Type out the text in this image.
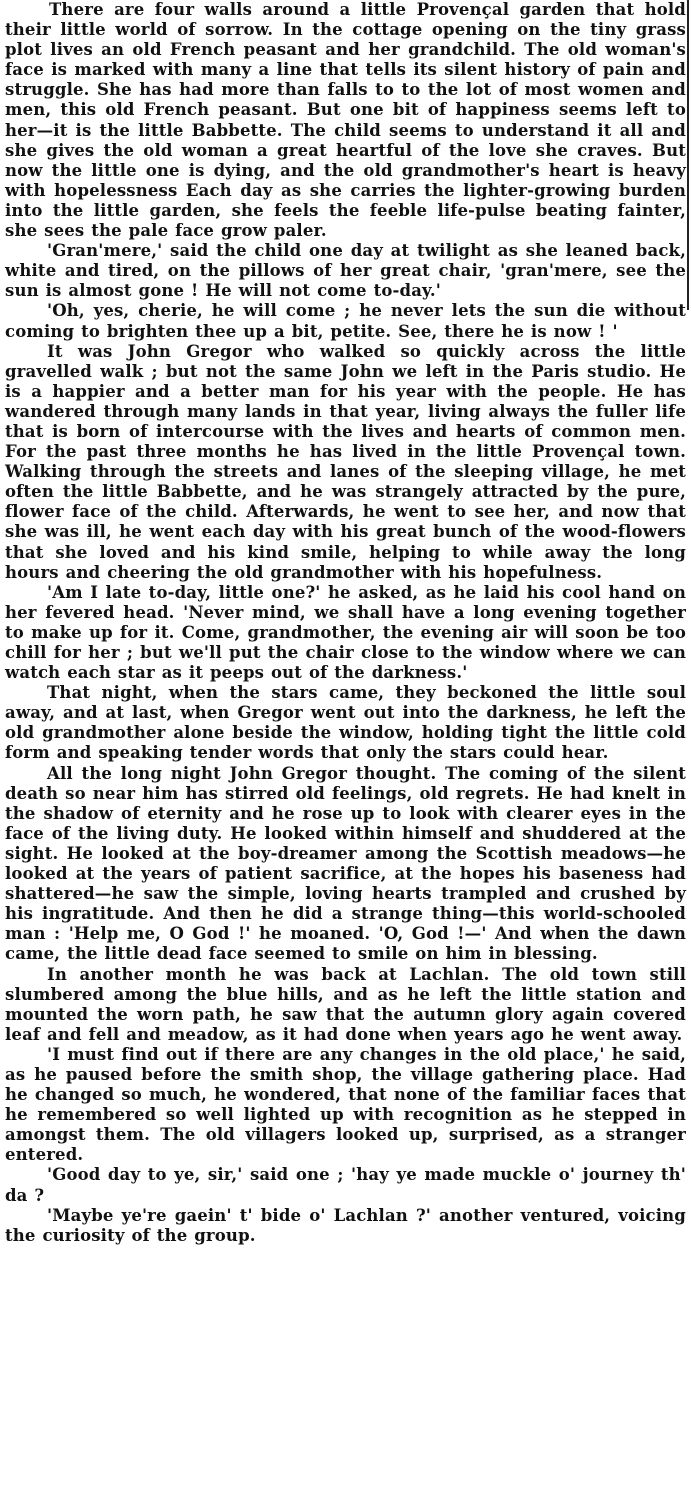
There are four walls around a little Provençal garden that hold their little world of sorrow. In the cottage opening on the tiny grass plot lives an old French peasant and her grandchild. The old woman's face is marked with many a line that tells its silent history of pain and struggle. She has had more than falls to to the lot of most women and men, this old French peasant. But one bit of happiness seems left to her—it is the little Babbette. The child seems to understand it all and she gives the old woman a great heartful of the love she craves. But now the little one is dying, and the old grandmother's heart is heavy with hopelessness Each day as she carries the lighter-growing burden into the little garden, she feels the feeble life-pulse beating fainter, she sees the pale face grow paler.

'Gran'mere,' said the child one day at twilight as she leaned back, white and tired, on the pillows of her great chair, 'gran'mere, see the sun is almost gone ! He will not come to-day.'

'Oh, yes, cherie, he will come ; he never lets the sun die without coming to brighten thee up a bit, petite. See, there he is now ! '

It was John Gregor who walked so quickly across the little gravelled walk ; but not the same John we left in the Paris studio. He is a happier and a better man for his year with the people. He has wandered through many lands in that year, living always the fuller life that is born of intercourse with the lives and hearts of common men. For the past three months he has lived in the little Provençal town. Walking through the streets and lanes of the sleeping village, he met often the little Babbette, and he was strangely attracted by the pure, flower face of the child. Afterwards, he went to see her, and now that she was ill, he went each day with his great bunch of the wood-flowers that she loved and his kind smile, helping to while away the long hours and cheering the old grandmother with his hopefulness.

'Am I late to-day, little one?' he asked, as he laid his cool hand on her fevered head. 'Never mind, we shall have a long evening together to make up for it. Come, grandmother, the evening air will soon be too chill for her ; but we'll put the chair close to the window where we can watch each star as it peeps out of the darkness.'

That night, when the stars came, they beckoned the little soul away, and at last, when Gregor went out into the darkness, he left the old grandmother alone beside the window, holding tight the little cold form and speaking tender words that only the stars could hear.

All the long night John Gregor thought. The coming of the silent death so near him has stirred old feelings, old regrets. He had knelt in the shadow of eternity and he rose up to look with clearer eyes in the face of the living duty. He looked within himself and shuddered at the sight. He looked at the boy-dreamer among the Scottish meadows—he looked at the years of patient sacrifice, at the hopes his baseness had shattered—he saw the simple, loving hearts trampled and crushed by his ingratitude. And then he did a strange thing—this world-schooled man : 'Help me, O God !' he moaned. 'O, God !—' And when the dawn came, the little dead face seemed to smile on him in blessing.

In another month he was back at Lachlan. The old town still slumbered among the blue hills, and as he left the little station and mounted the worn path, he saw that the autumn glory again covered leaf and fell and meadow, as it had done when years ago he went away.

'I must find out if there are any changes in the old place,' he said, as he paused before the smith shop, the village gathering place. Had he changed so much, he wondered, that none of the familiar faces that he remembered so well lighted up with recognition as he stepped in amongst them. The old villagers looked up, surprised, as a stranger entered.

'Good day to ye, sir,' said one ; 'hay ye made muckle o' journey th' da ?

'Maybe ye're gaein' t' bide o' Lachlan ?' another ventured, voicing the curiosity of the group.
